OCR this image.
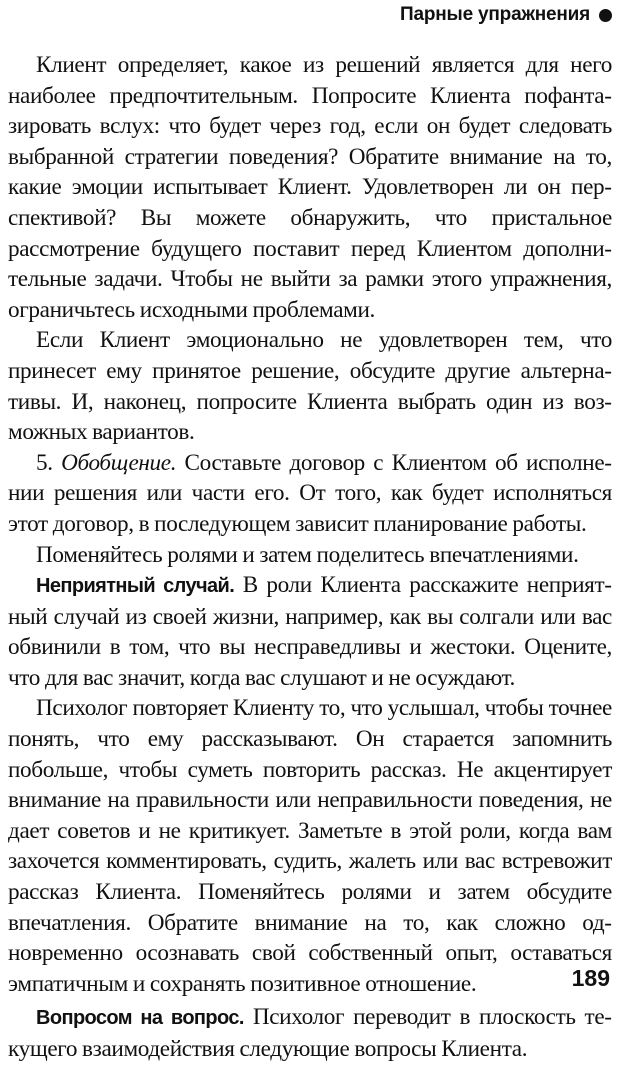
Парные упражнения

Клиент определяет, какое из решений является для него наиболее предпочтительным. Попросите Клиента пофантазировать вслух: что будет через год, если он будет следовать выбранной стратегии поведения? Обратите внимание на то, какие эмоции испытывает Клиент. Удовлетворен ли он перспективой? Вы можете обнаружить, что пристальное рассмотрение будущего поставит перед Клиентом дополнительные задачи. Чтобы не выйти за рамки этого упражнения, ограничьтесь исходными проблемами.

Если Клиент эмоционально не удовлетворен тем, что принесет ему принятое решение, обсудите другие альтернативы. И, наконец, попросите Клиента выбрать один из возможных вариантов.

5. Обобщение. Составьте договор с Клиентом об исполнении решения или части его. От того, как будет исполняться этот договор, в последующем зависит планирование работы.

Поменяйтесь ролями и затем поделитесь впечатлениями.

Неприятный случай. В роли Клиента расскажите неприятный случай из своей жизни, например, как вы солгали или вас обвинили в том, что вы несправедливы и жестоки. Оцените, что для вас значит, когда вас слушают и не осуждают.

Психолог повторяет Клиенту то, что услышал, чтобы точнее понять, что ему рассказывают. Он старается запомнить побольше, чтобы суметь повторить рассказ. Не акцентирует внимание на правильности или неправильности поведения, не дает советов и не критикует. Заметьте в этой роли, когда вам захочется комментировать, судить, жалеть или вас встревожит рассказ Клиента. Поменяйтесь ролями и затем обсудите впечатления. Обратите внимание на то, как сложно одновременно осознавать свой собственный опыт, оставаться эмпатичным и сохранять позитивное отношение.

Вопросом на вопрос. Психолог переводит в плоскость текущего взаимодействия следующие вопросы Клиента.

189
